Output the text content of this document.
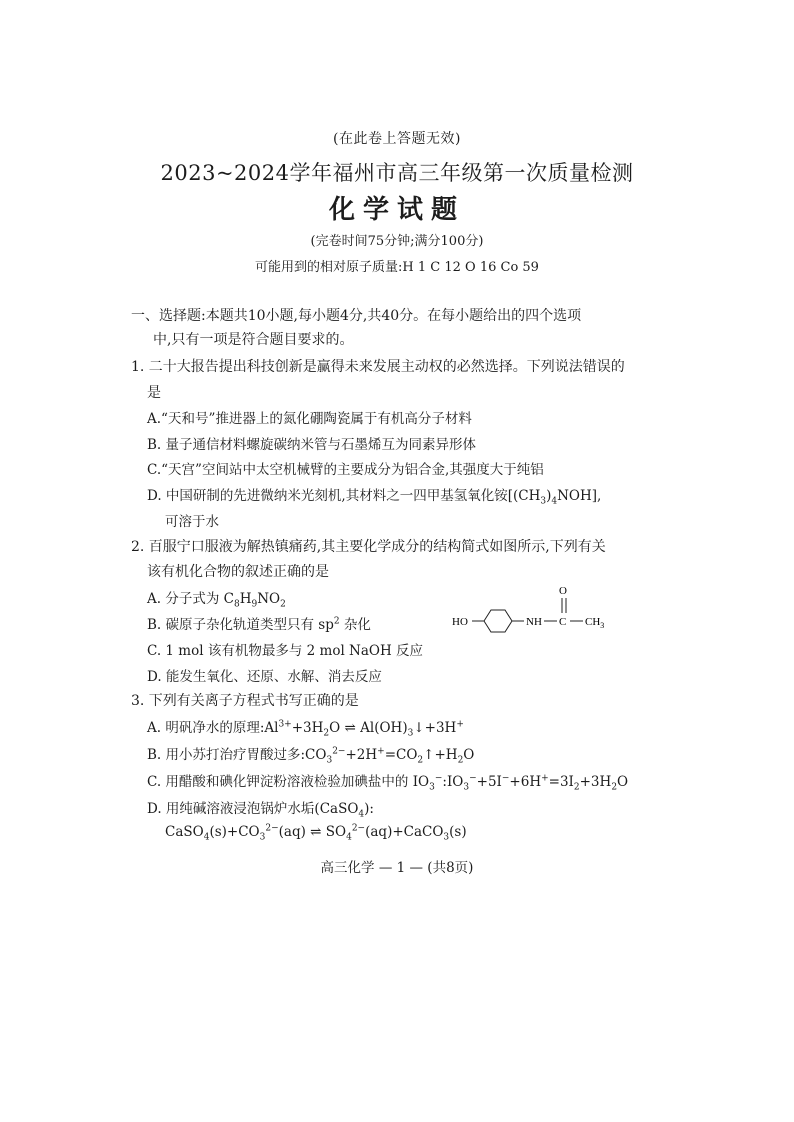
(在此卷上答题无效)
2023~2024学年福州市高三年级第一次质量检测
化学试题
(完卷时间75分钟;满分100分)
可能用到的相对原子质量:H 1 C 12 O 16 Co 59
一、选择题:本题共10小题,每小题4分,共40分。在每小题给出的四个选项
中,只有一项是符合题目要求的。
1. 二十大报告提出科技创新是赢得未来发展主动权的必然选择。下列说法错误的
是
A.“天和号”推进器上的氮化硼陶瓷属于有机高分子材料
B. 量子通信材料螺旋碳纳米管与石墨烯互为同素异形体
C.“天宫”空间站中太空机械臂的主要成分为铝合金,其强度大于纯铝
D. 中国研制的先进微纳米光刻机,其材料之一四甲基氢氧化铵$[(CH_3)_4NOH]$,
可溶于水
2. 百服宁口服液为解热镇痛药,其主要化学成分的结构简式如图所示,下列有关
该有机化合物的叙述正确的是
A. 分子式为 $C_8H_9NO_2$
B. 碳原子杂化轨道类型只有 $sp^2$ 杂化
C. 1 mol 该有机物最多与 2 mol NaOH 反应
D. 能发生氧化、还原、水解、消去反应
HO	NH C
O
$CH_3$
3. 下列有关离子方程式书写正确的是
A. 明矾净水的原理$:Al^{3+}+3H_2O$ ⇌ $Al(OH)_3↓+3H^+$
B. 用小苏打治疗胃酸过多$:CO_3^{2-}+2H^+=CO_2↑+H_2O$
C. 用醋酸和碘化钾淀粉溶液检验加碘盐中的 $IO_3^-:IO_3^-+5I^-+6H^+=3I_2+3H_2O$
D. 用纯碱溶液浸泡锅炉水垢(CaSO$_4$):
$CaSO_4(s)+CO_3^{2-}(aq)$ ⇌ $SO_4^{2-}(aq)+CaCO_3(s)$
高三化学 — 1 — (共8页)
